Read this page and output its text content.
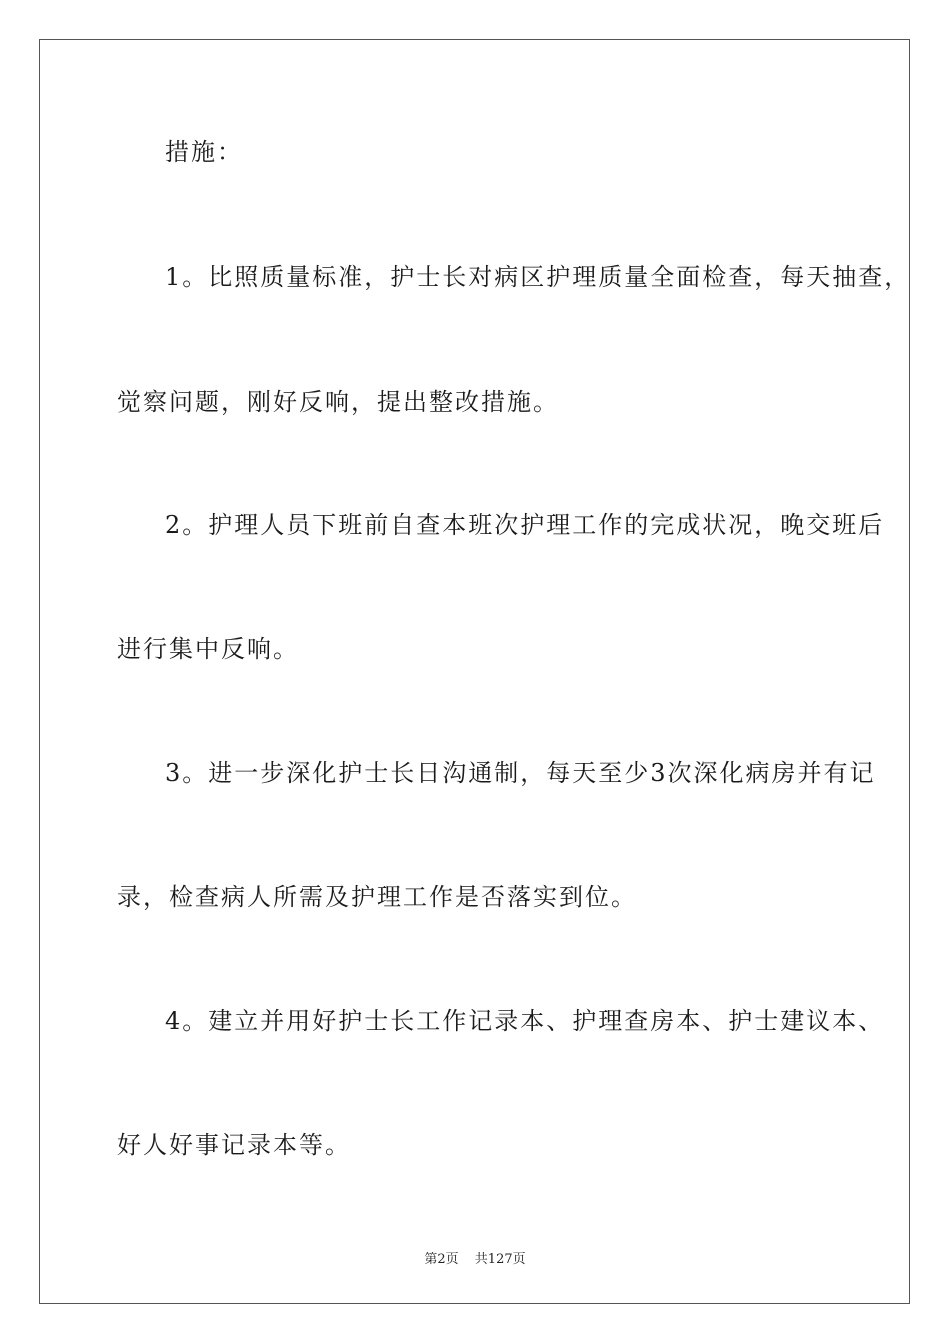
措施：
1。比照质量标准，护士长对病区护理质量全面检查，每天抽查，
觉察问题，刚好反响，提出整改措施。
2。护理人员下班前自查本班次护理工作的完成状况，晚交班后
进行集中反响。
3。进一步深化护士长日沟通制，每天至少3次深化病房并有记
录，检查病人所需及护理工作是否落实到位。
4。建立并用好护士长工作记录本、护理查房本、护士建议本、
好人好事记录本等。
第2页 共127页
